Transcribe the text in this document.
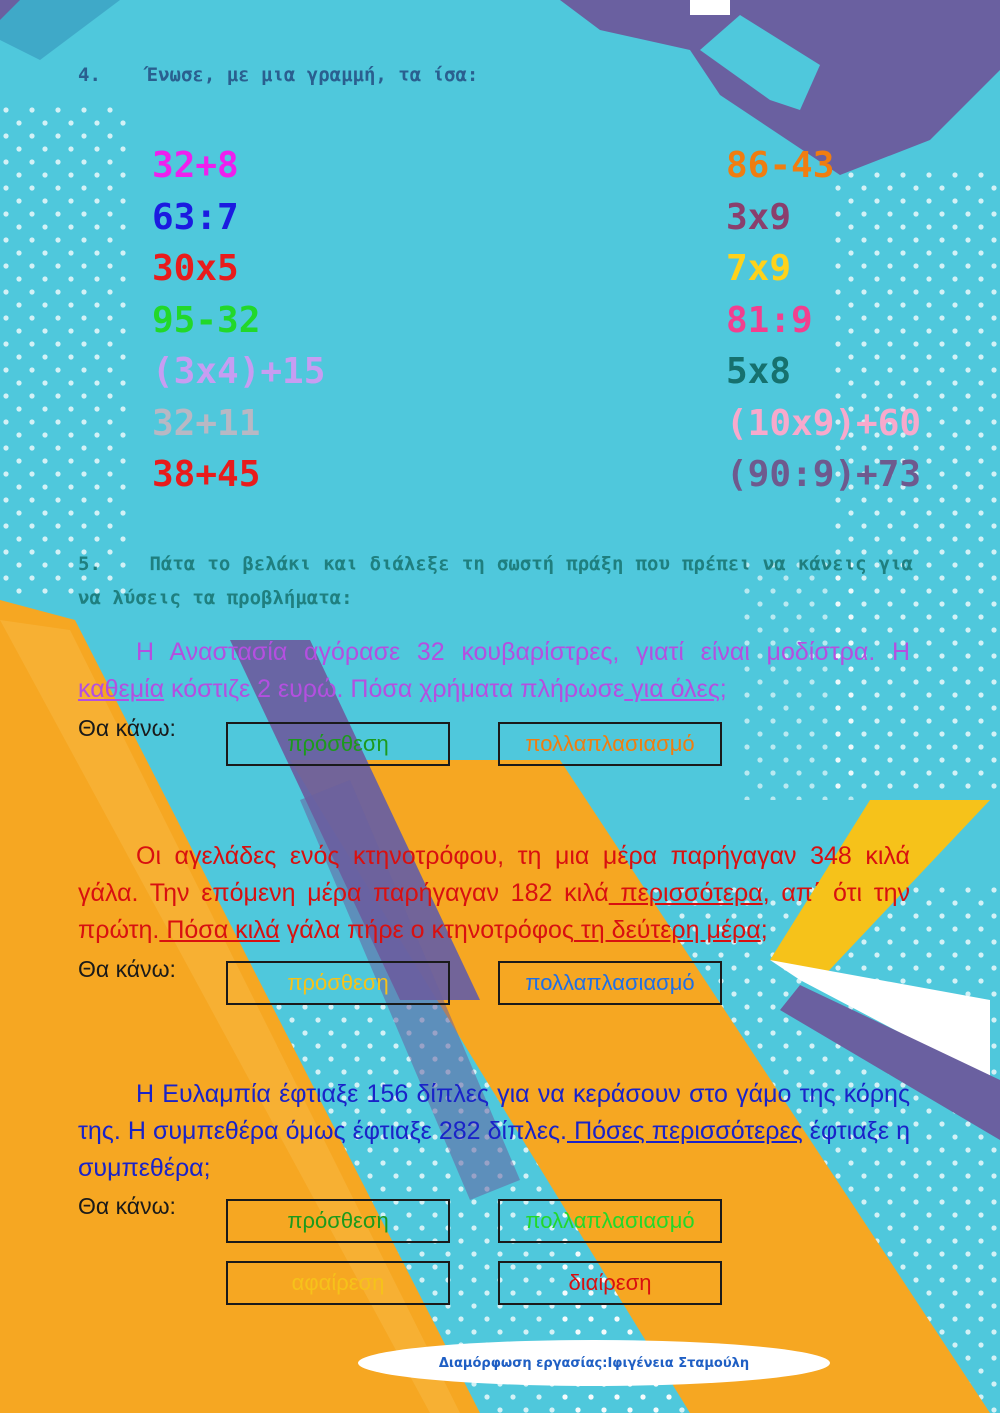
4.    Ένωσε, με μια γραμμή, τα ίσα:
32+8
63:7
30x5
95-32
(3x4)+15
32+11
38+45
86-43
3x9
7x9
81:9
5x8
(10x9)+60
(90:9)+73
5.    Πάτα το βελάκι και διάλεξε τη σωστή πράξη που πρέπει να κάνεις για να λύσεις τα προβλήματα:
Η Αναστασία αγόρασε 32 κουβαρίστρες, γιατί είναι μοδίστρα. Η καθεμία κόστιζε 2 ευρώ. Πόσα χρήματα πλήρωσε για όλες;
Θα κάνω:
πρόσθεση	πολλαπλασιασμό
Οι αγελάδες ενός κτηνοτρόφου, τη μια μέρα παρήγαγαν 348 κιλά γάλα. Την επόμενη μέρα παρήγαγαν 182 κιλά περισσότερα, απ΄ ότι την πρώτη. Πόσα κιλά γάλα πήρε ο κτηνοτρόφος τη δεύτερη μέρα;
Θα κάνω:
πρόσθεση	πολλαπλασιασμό
Η Ευλαμπία έφτιαξε 156 δίπλες για να κεράσουν στο γάμο της κόρης της. Η συμπεθέρα όμως έφτιαξε 282 δίπλες. Πόσες περισσότερες έφτιαξε η συμπεθέρα;
Θα κάνω:
πρόσθεση	πολλαπλασιασμό
αφαίρεση	διαίρεση
Διαμόρφωση εργασίας:Ιφιγένεια Σταμούλη
